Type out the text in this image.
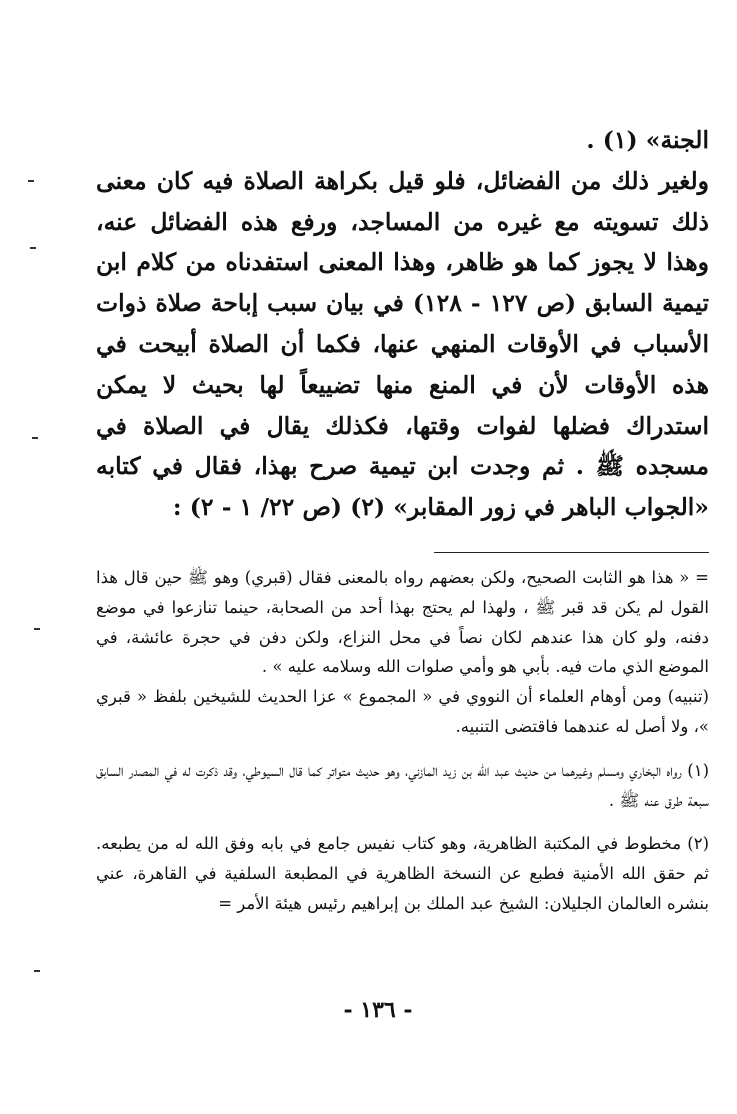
الجنة» (١) .

ولغير ذلك من الفضائل، فلو قيل بكراهة الصلاة فيه كان معنى ذلك تسويته مع غيره من المساجد، ورفع هذه الفضائل عنه، وهذا لا يجوز كما هو ظاهر، وهذا المعنى استفدناه من كلام ابن تيمية السابق (ص ١٢٧ - ١٢٨) في بيان سبب إباحة صلاة ذوات الأسباب في الأوقات المنهي عنها، فكما أن الصلاة أبيحت في هذه الأوقات لأن في المنع منها تضييعاً لها بحيث لا يمكن استدراك فضلها لفوات وقتها، فكذلك يقال في الصلاة في مسجده ﷺ . ثم وجدت ابن تيمية صرح بهذا، فقال في كتابه «الجواب الباهر في زور المقابر» (٢) (ص ٢٢/ ١ - ٢) :

= « هذا هو الثابت الصحيح، ولكن بعضهم رواه بالمعنى فقال (قبري) وهو ﷺ حين قال هذا القول لم يكن قد قبر ﷺ ، ولهذا لم يحتج بهذا أحد من الصحابة، حينما تنازعوا في موضع دفنه، ولو كان هذا عندهم لكان نصاً في محل النزاع، ولكن دفن في حجرة عائشة، في الموضع الذي مات فيه. بأبي هو وأمي صلوات الله وسلامه عليه » .

(تنبيه) ومن أوهام العلماء أن النووي في « المجموع » عزا الحديث للشيخين بلفظ « قبري »، ولا أصل له عندهما فاقتضى التنبيه.

(١) رواه البخاري ومسلم وغيرهما من حديث عبد الله بن زيد المازني، وهو حديث متواتر كما قال السيوطي، وقد ذكرت له في المصدر السابق سبعة طرق عنه ﷺ .

(٢) مخطوط في المكتبة الظاهرية، وهو كتاب نفيس جامع في بابه وفق الله له من يطبعه. ثم حقق الله الأمنية فطبع عن النسخة الظاهرية في المطبعة السلفية في القاهرة، عني بنشره العالمان الجليلان: الشيخ عبد الملك بن إبراهيم رئيس هيئة الأمر =

- ١٣٦ -
